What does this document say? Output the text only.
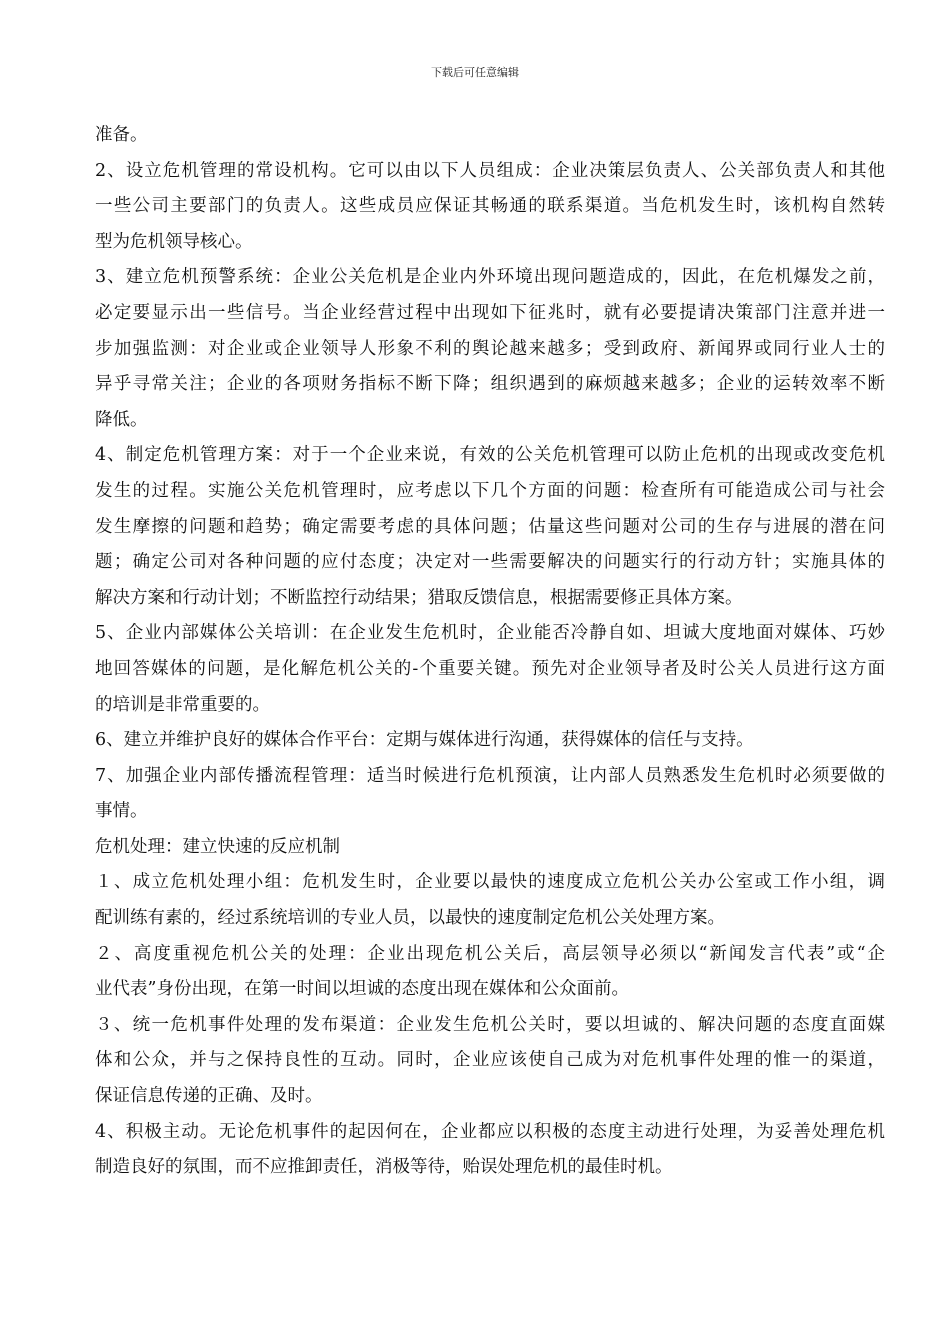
下载后可任意编辑
准备。
2、设立危机管理的常设机构。它可以由以下人员组成：企业决策层负责人、公关部负责人和其他
一些公司主要部门的负责人。这些成员应保证其畅通的联系渠道。当危机发生时，该机构自然转
型为危机领导核心。
3、建立危机预警系统：企业公关危机是企业内外环境出现问题造成的，因此，在危机爆发之前，
必定要显示出一些信号。当企业经营过程中出现如下征兆时，就有必要提请决策部门注意并进一
步加强监测：对企业或企业领导人形象不利的舆论越来越多；受到政府、新闻界或同行业人士的
异乎寻常关注；企业的各项财务指标不断下降；组织遇到的麻烦越来越多；企业的运转效率不断
降低。
4、制定危机管理方案：对于一个企业来说，有效的公关危机管理可以防止危机的出现或改变危机
发生的过程。实施公关危机管理时，应考虑以下几个方面的问题：检查所有可能造成公司与社会
发生摩擦的问题和趋势；确定需要考虑的具体问题；估量这些问题对公司的生存与进展的潜在问
题；确定公司对各种问题的应付态度；决定对一些需要解决的问题实行的行动方针；实施具体的
解决方案和行动计划；不断监控行动结果；猎取反馈信息，根据需要修正具体方案。
5、企业内部媒体公关培训：在企业发生危机时，企业能否冷静自如、坦诚大度地面对媒体、巧妙
地回答媒体的问题，是化解危机公关的-个重要关键。预先对企业领导者及时公关人员进行这方面
的培训是非常重要的。
6、建立并维护良好的媒体合作平台：定期与媒体进行沟通，获得媒体的信任与支持。
7、加强企业内部传播流程管理：适当时候进行危机预演，让内部人员熟悉发生危机时必须要做的
事情。
危机处理：建立快速的反应机制
１、成立危机处理小组：危机发生时，企业要以最快的速度成立危机公关办公室或工作小组，调
配训练有素的，经过系统培训的专业人员，以最快的速度制定危机公关处理方案。
２、高度重视危机公关的处理：企业出现危机公关后，高层领导必须以“新闻发言代表”或“企
业代表”身份出现，在第一时间以坦诚的态度出现在媒体和公众面前。
３、统一危机事件处理的发布渠道：企业发生危机公关时，要以坦诚的、解决问题的态度直面媒
体和公众，并与之保持良性的互动。同时，企业应该使自己成为对危机事件处理的惟一的渠道，
保证信息传递的正确、及时。
4、积极主动。无论危机事件的起因何在，企业都应以积极的态度主动进行处理，为妥善处理危机
制造良好的氛围，而不应推卸责任，消极等待，贻误处理危机的最佳时机。
